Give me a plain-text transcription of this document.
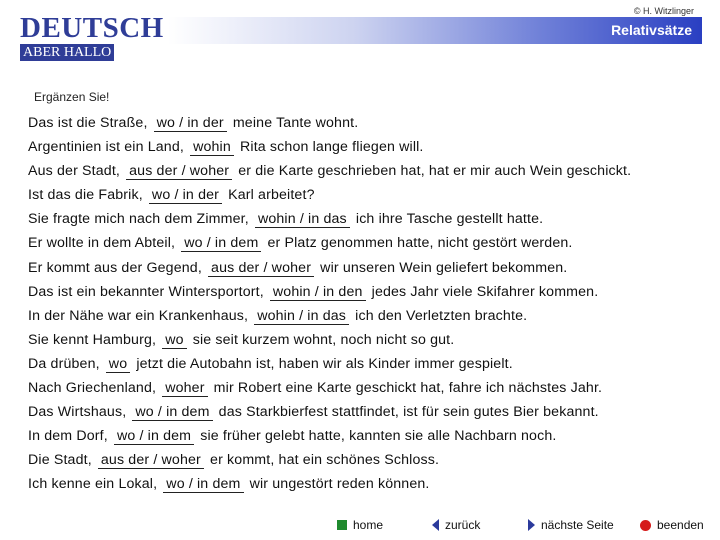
© H. Witzlinger
DEUTSCH
ABER HALLO
Relativsätze
Ergänzen Sie!
Das ist die Straße, wo / in der meine Tante wohnt.
Argentinien ist ein Land, wohin Rita schon lange fliegen will.
Aus der Stadt, aus der / woher er die Karte geschrieben hat, hat er mir auch Wein geschickt.
Ist das die Fabrik, wo / in der Karl arbeitet?
Sie fragte mich nach dem Zimmer, wohin / in das ich ihre Tasche gestellt hatte.
Er wollte in dem Abteil, wo / in dem er Platz genommen hatte, nicht gestört werden.
Er kommt aus der Gegend, aus der / woher wir unseren Wein geliefert bekommen.
Das ist ein bekannter Wintersportort, wohin / in den jedes Jahr viele Skifahrer kommen.
In der Nähe war ein Krankenhaus, wohin / in das ich den Verletzten brachte.
Sie kennt Hamburg, wo sie seit kurzem wohnt, noch nicht so gut.
Da drüben, wo jetzt die Autobahn ist, haben wir als Kinder immer gespielt.
Nach Griechenland, woher mir Robert eine Karte geschickt hat, fahre ich nächstes Jahr.
Das Wirtshaus, wo / in dem das Starkbierfest stattfindet, ist für sein gutes Bier bekannt.
In dem Dorf, wo / in dem sie früher gelebt hatte, kannten sie alle Nachbarn noch.
Die Stadt, aus der / woher er kommt, hat ein schönes Schloss.
Ich kenne ein Lokal, wo / in dem wir ungestört reden können.
home	zurück	nächste Seite	beenden
